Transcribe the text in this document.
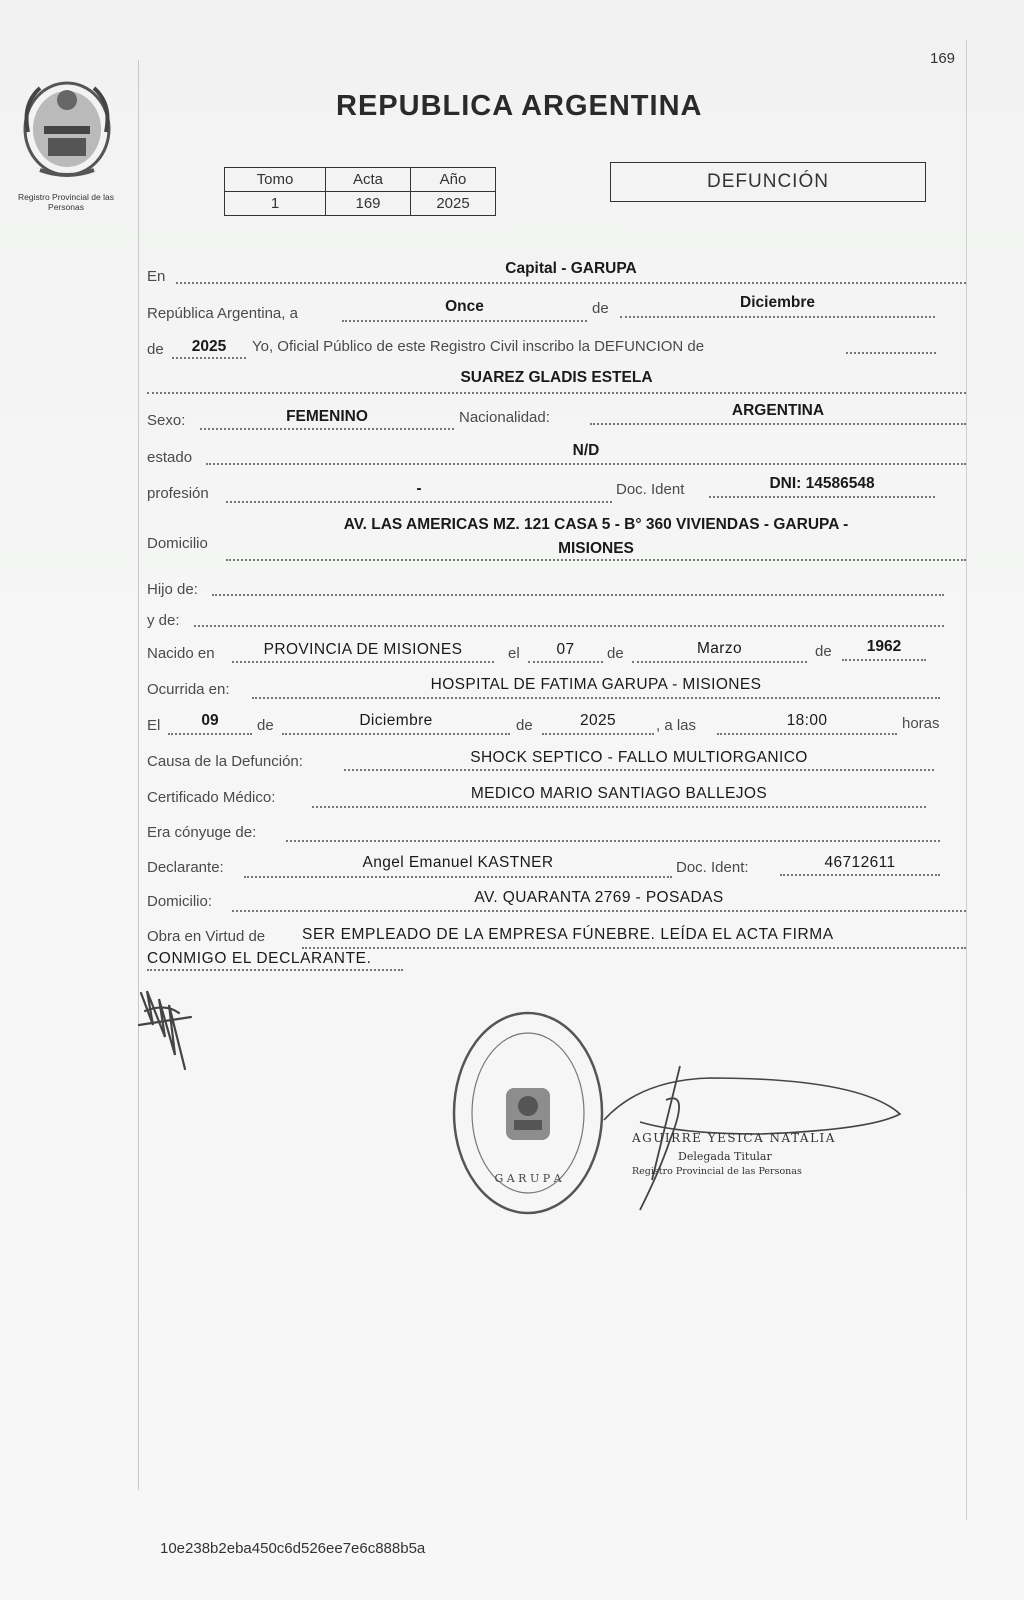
Registro Provincial de las Personas
169
REPUBLICA ARGENTINA
Tomo	Acta	Año
1	169	2025
DEFUNCIÓN
En	Capital - GARUPA
República Argentina, a	Once	de	Diciembre
de	2025	Yo, Oficial Público de este Registro Civil inscribo la DEFUNCION de
SUAREZ GLADIS ESTELA
Sexo:	FEMENINO	Nacionalidad:	ARGENTINA
estado	N/D
profesión	-	Doc. Ident	DNI: 14586548
Domicilio
AV. LAS AMERICAS MZ. 121 CASA 5 - B° 360 VIVIENDAS - GARUPA -
MISIONES
Hijo de:
y de:
Nacido en	PROVINCIA DE MISIONES	el	07	de	Marzo	de	1962
Ocurrida en:	HOSPITAL DE FATIMA GARUPA - MISIONES
El	09	de	Diciembre	de	2025	, a las	18:00	horas
Causa de la Defunción:	SHOCK SEPTICO - FALLO MULTIORGANICO
Certificado Médico:	MEDICO MARIO SANTIAGO BALLEJOS
Era cónyuge de:
Declarante:	Angel Emanuel KASTNER	Doc. Ident:	46712611
Domicilio:	AV. QUARANTA 2769 - POSADAS
Obra en Virtud de SER EMPLEADO DE LA EMPRESA FÚNEBRE. LEÍDA EL ACTA FIRMA
CONMIGO EL DECLARANTE.
G A R U P A
AGUIRRE YESICA NATALIA
Delegada Titular
Registro Provincial de las Personas
10e238b2eba450c6d526ee7e6c888b5a
